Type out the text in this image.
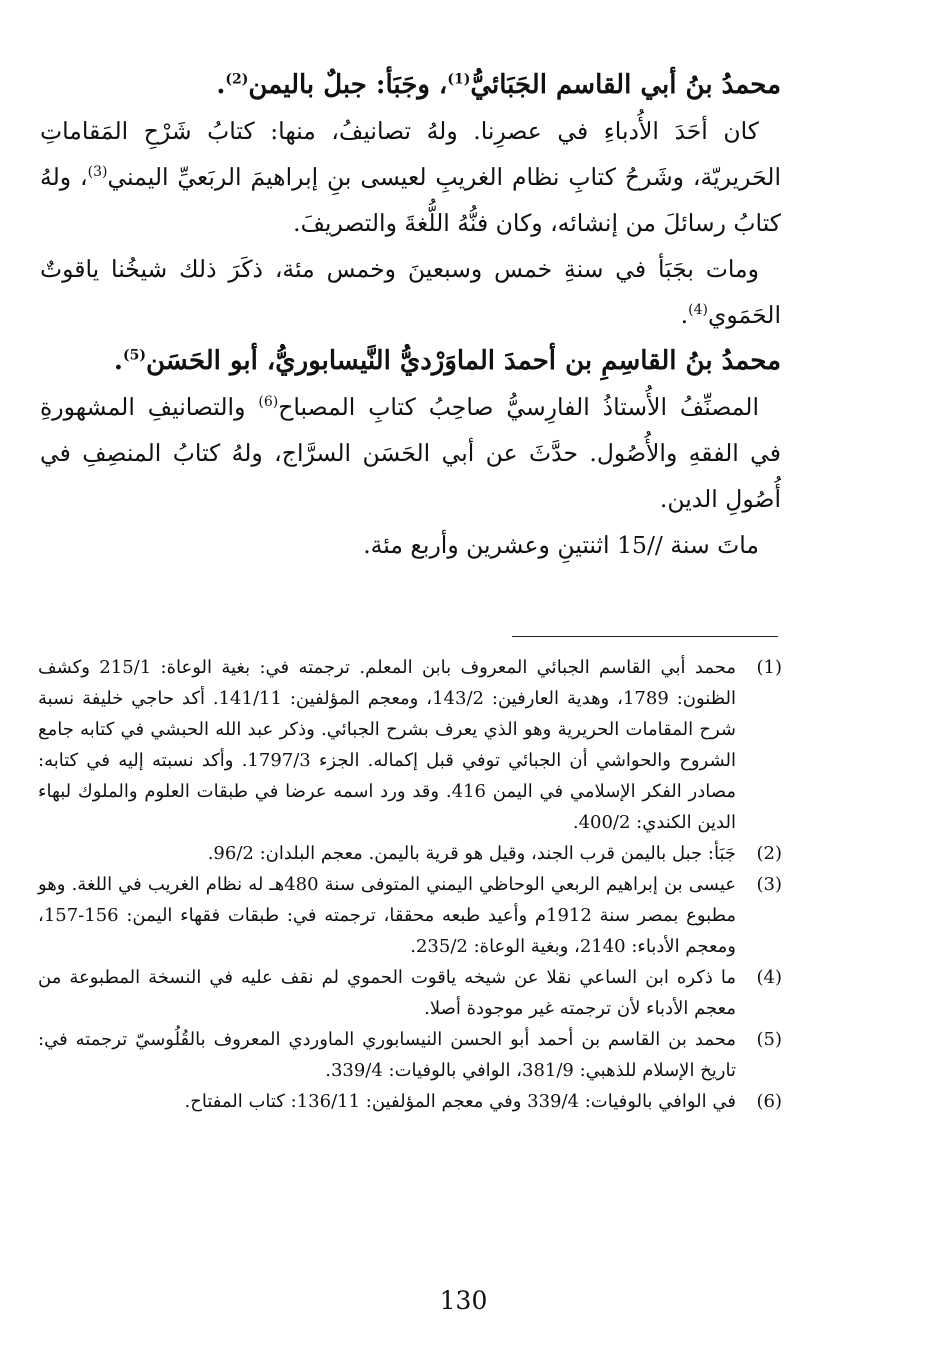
محمدُ بنُ أبي القاسم الجَبَائيُّ$^{(1)}$، وجَبَأ: جبلٌ باليمن$^{(2)}$.

كان أحَدَ الأُدباءِ في عصرِنا. ولهُ تصانيفُ، منها: كتابُ شَرْحِ المَقاماتِ الحَريريّة، وشَرحُ كتابِ نظام الغريبِ لعيسى بنِ إبراهيمَ الربَعيِّ اليمني$^{(3)}$، ولهُ كتابُ رسائلَ من إنشائه، وكان فنُّهُ اللُّغةَ والتصريفَ.

ومات بجَبَأ في سنةِ خمس وسبعينَ وخمس مئة، ذكَرَ ذلك شيخُنا ياقوتٌ الحَمَوي$^{(4)}$.

محمدُ بنُ القاسِمِ بن أحمدَ الماوَرْديُّ النَّيسابوريُّ، أبو الحَسَن$^{(5)}$.

المصنِّفُ الأُستاذُ الفارِسيُّ صاحِبُ كتابِ المصباح$^{(6)}$ والتصانيفِ المشهورةِ في الفقهِ والأُصُول. حدَّثَ عن أبي الحَسَن السرَّاج، ولهُ كتابُ المنصِفِ في أُصُولِ الدين.

ماتَ سنة //15 اثنتينِ وعشرين وأربع مئة.

(1)
محمد أبي القاسم الجبائي المعروف بابن المعلم. ترجمته في: بغية الوعاة: 215/1 وكشف الظنون: 1789، وهدية العارفين: 143/2، ومعجم المؤلفين: 141/11. أكد حاجي خليفة نسبة شرح المقامات الحريرية وهو الذي يعرف بشرح الجبائي. وذكر عبد الله الحبشي في كتابه جامع الشروح والحواشي أن الجبائي توفي قبل إكماله. الجزء 1797/3. وأكد نسبته إليه في كتابه: مصادر الفكر الإسلامي في اليمن 416. وقد ورد اسمه عرضا في طبقات العلوم والملوك لبهاء الدين الكندي: 400/2.
(2)
جَبَأ: جبل باليمن قرب الجند، وقيل هو قرية باليمن. معجم البلدان: 96/2.
(3)
عيسى بن إبراهيم الربعي الوحاظي اليمني المتوفى سنة 480هـ له نظام الغريب في اللغة. وهو مطبوع بمصر سنة 1912م وأعيد طبعه محققا، ترجمته في: طبقات فقهاء اليمن: 156-157، ومعجم الأدباء: 2140، وبغية الوعاة: 235/2.
(4)
ما ذكره ابن الساعي نقلا عن شيخه ياقوت الحموي لم نقف عليه في النسخة المطبوعة من معجم الأدباء لأن ترجمته غير موجودة أصلا.
(5)
محمد بن القاسم بن أحمد أبو الحسن النيسابوري الماوردي المعروف بالقُلُوسيّ ترجمته في: تاريخ الإسلام للذهبي: 381/9، الوافي بالوفيات: 339/4.
(6)
في الوافي بالوفيات: 339/4 وفي معجم المؤلفين: 136/11: كتاب المفتاح.
130
